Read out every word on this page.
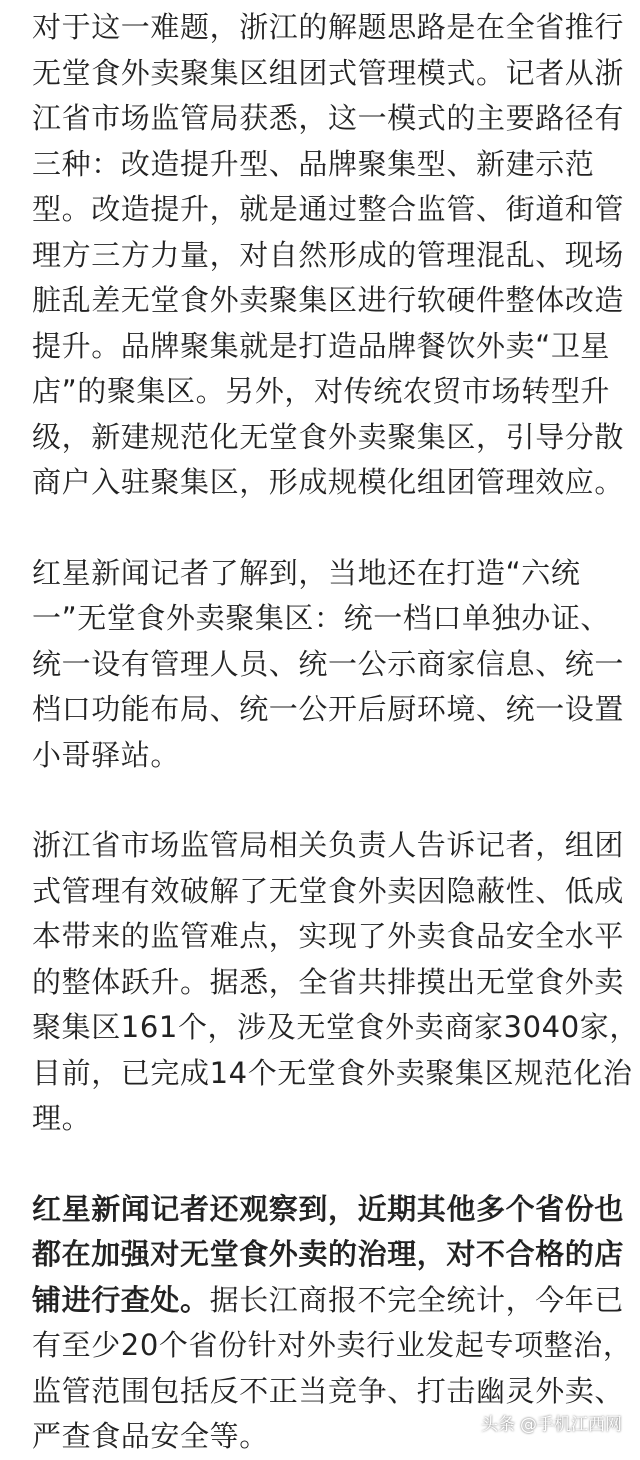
对于这一难题，浙江的解题思路是在全省推行
无堂食外卖聚集区组团式管理模式。记者从浙
江省市场监管局获悉，这一模式的主要路径有
三种：改造提升型、品牌聚集型、新建示范
型。改造提升，就是通过整合监管、街道和管
理方三方力量，对自然形成的管理混乱、现场
脏乱差无堂食外卖聚集区进行软硬件整体改造
提升。品牌聚集就是打造品牌餐饮外卖“卫星
店”的聚集区。另外，对传统农贸市场转型升
级，新建规范化无堂食外卖聚集区，引导分散
商户入驻聚集区，形成规模化组团管理效应。

红星新闻记者了解到，当地还在打造“六统
一”无堂食外卖聚集区：统一档口单独办证、
统一设有管理人员、统一公示商家信息、统一
档口功能布局、统一公开后厨环境、统一设置
小哥驿站。

浙江省市场监管局相关负责人告诉记者，组团
式管理有效破解了无堂食外卖因隐蔽性、低成
本带来的监管难点，实现了外卖食品安全水平
的整体跃升。据悉，全省共排摸出无堂食外卖
聚集区161个，涉及无堂食外卖商家3040家，
目前，已完成14个无堂食外卖聚集区规范化治
理。

红星新闻记者还观察到，近期其他多个省份也
都在加强对无堂食外卖的治理，对不合格的店
铺进行查处。据长江商报不完全统计，今年已
有至少20个省份针对外卖行业发起专项整治，
监管范围包括反不正当竞争、打击幽灵外卖、
严查食品安全等。	头条 @手机江西网
